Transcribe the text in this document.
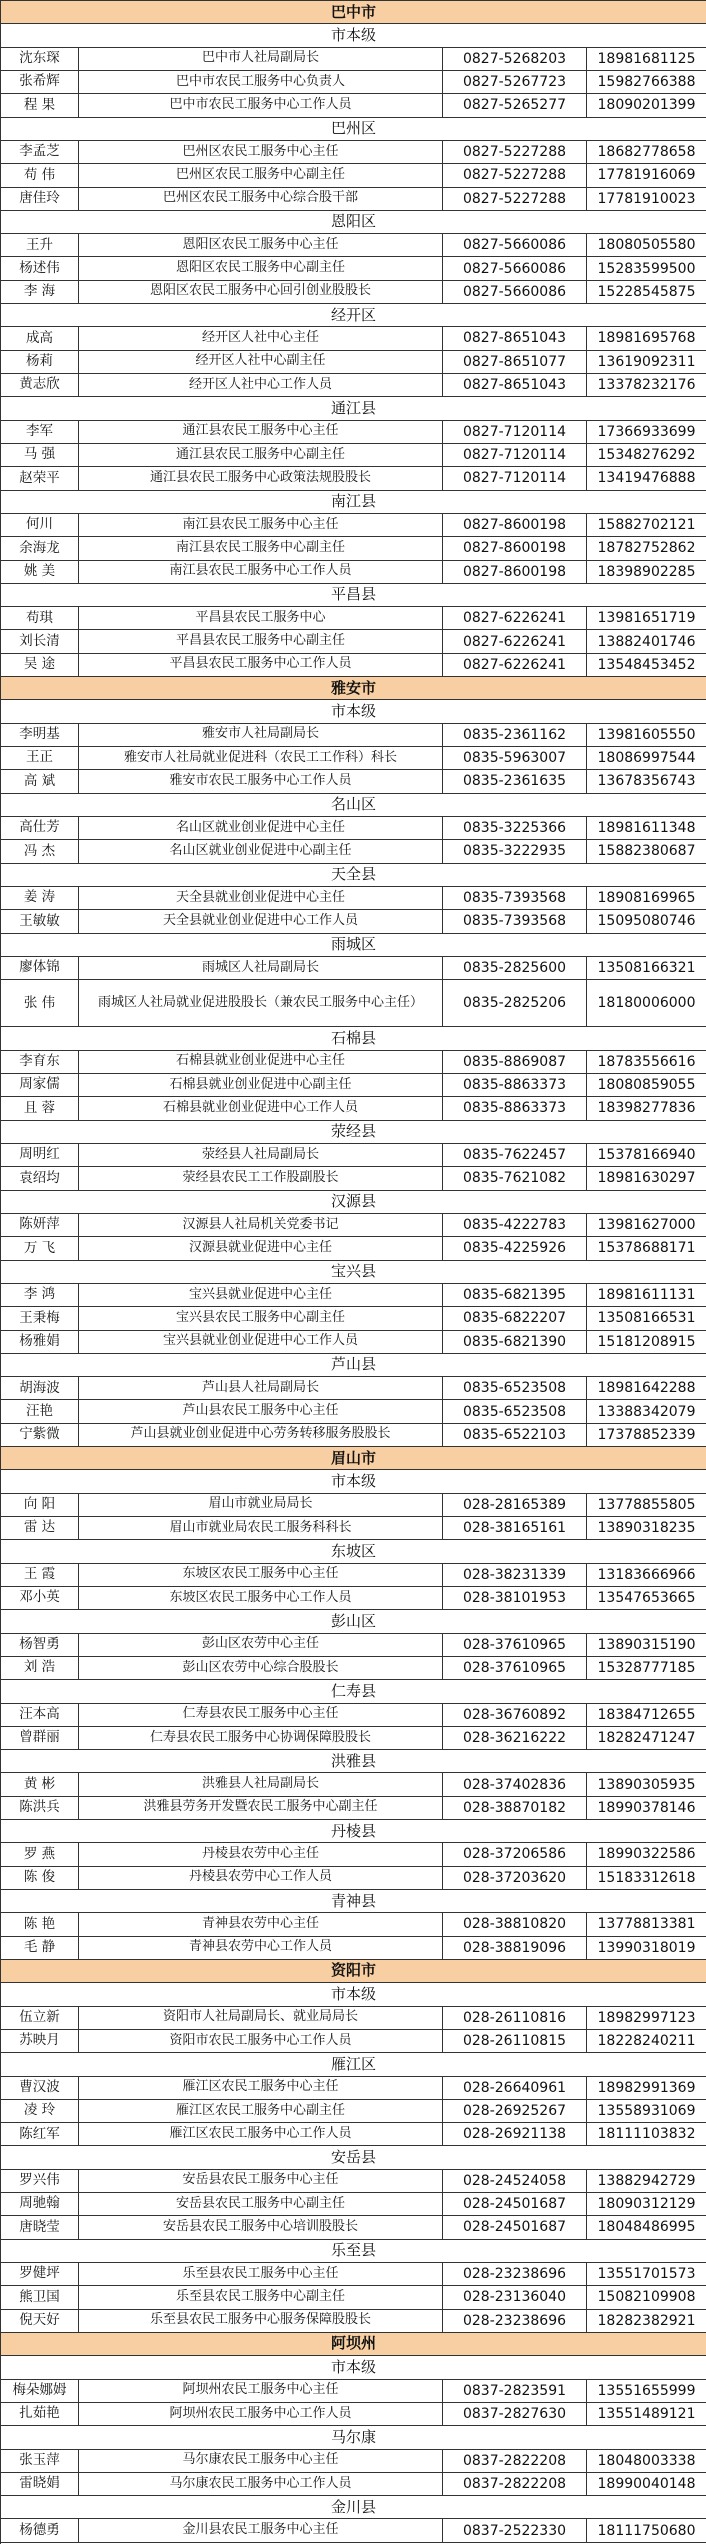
巴中市
市本级
沈东琛	巴中市人社局副局长	0827-5268203	18981681125
张希辉	巴中市农民工服务中心负责人	0827-5267723	15982766388
程 果	巴中市农民工服务中心工作人员	0827-5265277	18090201399
巴州区
李孟芝	巴州区农民工服务中心主任	0827-5227288	18682778658
苟 伟	巴州区农民工服务中心副主任	0827-5227288	17781916069
唐佳玲	巴州区农民工服务中心综合股干部	0827-5227288	17781910023
恩阳区
王升	恩阳区农民工服务中心主任	0827-5660086	18080505580
杨述伟	恩阳区农民工服务中心副主任	0827-5660086	15283599500
李 海	恩阳区农民工服务中心回引创业股股长	0827-5660086	15228545875
经开区
成高	经开区人社中心主任	0827-8651043	18981695768
杨莉	经开区人社中心副主任	0827-8651077	13619092311
黄志欣	经开区人社中心工作人员	0827-8651043	13378232176
通江县
李军	通江县农民工服务中心主任	0827-7120114	17366933699
马 强	通江县农民工服务中心副主任	0827-7120114	15348276292
赵荣平	通江县农民工服务中心政策法规股股长	0827-7120114	13419476888
南江县
何川	南江县农民工服务中心主任	0827-8600198	15882702121
余海龙	南江县农民工服务中心副主任	0827-8600198	18782752862
姚 美	南江县农民工服务中心工作人员	0827-8600198	18398902285
平昌县
苟琪	平昌县农民工服务中心	0827-6226241	13981651719
刘长清	平昌县农民工服务中心副主任	0827-6226241	13882401746
吴 途	平昌县农民工服务中心工作人员	0827-6226241	13548453452
雅安市
市本级
李明基	雅安市人社局副局长	0835-2361162	13981605550
王正	雅安市人社局就业促进科（农民工工作科）科长	0835-5963007	18086997544
高 斌	雅安市农民工服务中心工作人员	0835-2361635	13678356743
名山区
高仕芳	名山区就业创业促进中心主任	0835-3225366	18981611348
冯 杰	名山区就业创业促进中心副主任	0835-3222935	15882380687
天全县
姜 涛	天全县就业创业促进中心主任	0835-7393568	18908169965
王敏敏	天全县就业创业促进中心工作人员	0835-7393568	15095080746
雨城区
廖体锦	雨城区人社局副局长	0835-2825600	13508166321
张 伟	雨城区人社局就业促进股股长（兼农民工服务中心主任）	0835-2825206	18180006000
石棉县
李育东	石棉县就业创业促进中心主任	0835-8869087	18783556616
周家儒	石棉县就业创业促进中心副主任	0835-8863373	18080859055
且 蓉	石棉县就业创业促进中心工作人员	0835-8863373	18398277836
荥经县
周明红	荥经县人社局副局长	0835-7622457	15378166940
袁绍均	荥经县农民工工作股副股长	0835-7621082	18981630297
汉源县
陈妍萍	汉源县人社局机关党委书记	0835-4222783	13981627000
万 飞	汉源县就业促进中心主任	0835-4225926	15378688171
宝兴县
李 鸿	宝兴县就业促进中心主任	0835-6821395	18981611131
王秉梅	宝兴县农民工服务中心副主任	0835-6822207	13508166531
杨雅娟	宝兴县就业创业促进中心工作人员	0835-6821390	15181208915
芦山县
胡海波	芦山县人社局副局长	0835-6523508	18981642288
汪艳	芦山县农民工服务中心主任	0835-6523508	13388342079
宁紫微	芦山县就业创业促进中心劳务转移服务股股长	0835-6522103	17378852339
眉山市
市本级
向 阳	眉山市就业局局长	028-28165389	13778855805
雷 达	眉山市就业局农民工服务科科长	028-38165161	13890318235
东坡区
王 霞	东坡区农民工服务中心主任	028-38231339	13183666966
邓小英	东坡区农民工服务中心工作人员	028-38101953	13547653665
彭山区
杨智勇	彭山区农劳中心主任	028-37610965	13890315190
刘 浩	彭山区农劳中心综合股股长	028-37610965	15328777185
仁寿县
汪本高	仁寿县农民工服务中心主任	028-36760892	18384712655
曾群丽	仁寿县农民工服务中心协调保障股股长	028-36216222	18282471247
洪雅县
黄 彬	洪雅县人社局副局长	028-37402836	13890305935
陈洪兵	洪雅县劳务开发暨农民工服务中心副主任	028-38870182	18990378146
丹棱县
罗 燕	丹棱县农劳中心主任	028-37206586	18990322586
陈 俊	丹棱县农劳中心工作人员	028-37203620	15183312618
青神县
陈 艳	青神县农劳中心主任	028-38810820	13778813381
毛 静	青神县农劳中心工作人员	028-38819096	13990318019
资阳市
市本级
伍立新	资阳市人社局副局长、就业局局长	028-26110816	18982997123
苏映月	资阳市农民工服务中心工作人员	028-26110815	18228240211
雁江区
曹汉波	雁江区农民工服务中心主任	028-26640961	18982991369
凌 玲	雁江区农民工服务中心副主任	028-26925267	13558931069
陈红军	雁江区农民工服务中心工作人员	028-26921138	18111103832
安岳县
罗兴伟	安岳县农民工服务中心主任	028-24524058	13882942729
周驰翰	安岳县农民工服务中心副主任	028-24501687	18090312129
唐晓莹	安岳县农民工服务中心培训股股长	028-24501687	18048486995
乐至县
罗健坪	乐至县农民工服务中心主任	028-23238696	13551701573
熊卫国	乐至县农民工服务中心副主任	028-23136040	15082109908
倪天好	乐至县农民工服务中心服务保障股股长	028-23238696	18282382921
阿坝州
市本级
梅朵娜姆	阿坝州农民工服务中心主任	0837-2823591	13551655999
扎茹艳	阿坝州农民工服务中心工作人员	0837-2827630	13551489121
马尔康
张玉萍	马尔康农民工服务中心主任	0837-2822208	18048003338
雷晓娟	马尔康农民工服务中心工作人员	0837-2822208	18990040148
金川县
杨德勇	金川县农民工服务中心主任	0837-2522330	18111750680
